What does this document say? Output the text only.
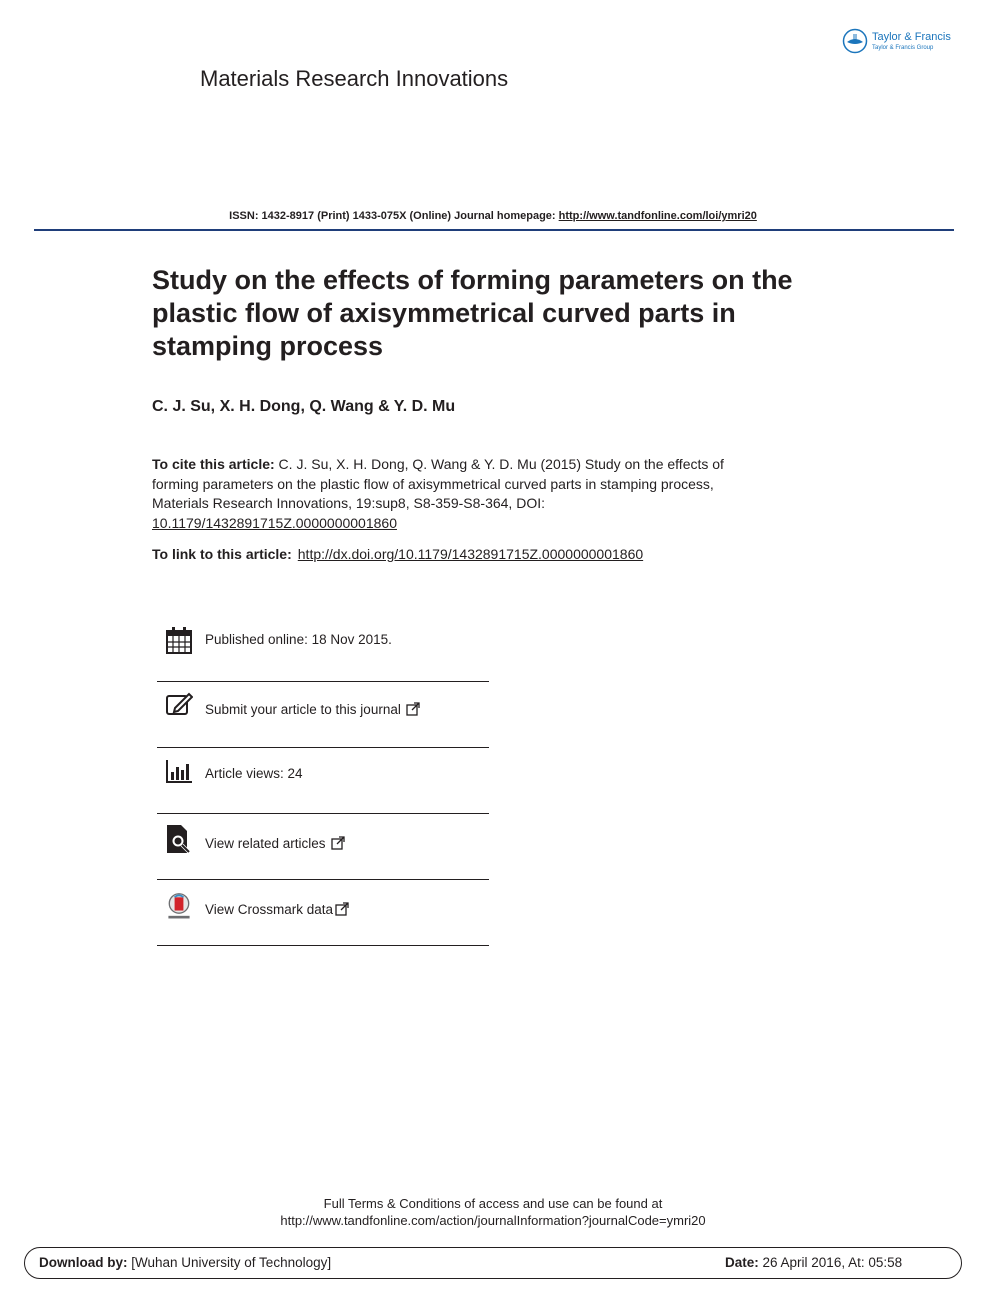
Taylor & Francis
Taylor & Francis Group
Materials Research Innovations
ISSN: 1432-8917 (Print) 1433-075X (Online) Journal homepage: http://www.tandfonline.com/loi/ymri20
Study on the effects of forming parameters on the plastic flow of axisymmetrical curved parts in stamping process
C. J. Su, X. H. Dong, Q. Wang & Y. D. Mu
To cite this article: C. J. Su, X. H. Dong, Q. Wang & Y. D. Mu (2015) Study on the effects of forming parameters on the plastic flow of axisymmetrical curved parts in stamping process, Materials Research Innovations, 19:sup8, S8-359-S8-364, DOI:
10.1179/1432891715Z.0000000001860
To link to this article: http://dx.doi.org/10.1179/1432891715Z.0000000001860
Published online: 18 Nov 2015.
Submit your article to this journal
Article views: 24
View related articles
View Crossmark data
Full Terms & Conditions of access and use can be found at
http://www.tandfonline.com/action/journalInformation?journalCode=ymri20
Download by: [Wuhan University of Technology]	Date: 26 April 2016, At: 05:58
